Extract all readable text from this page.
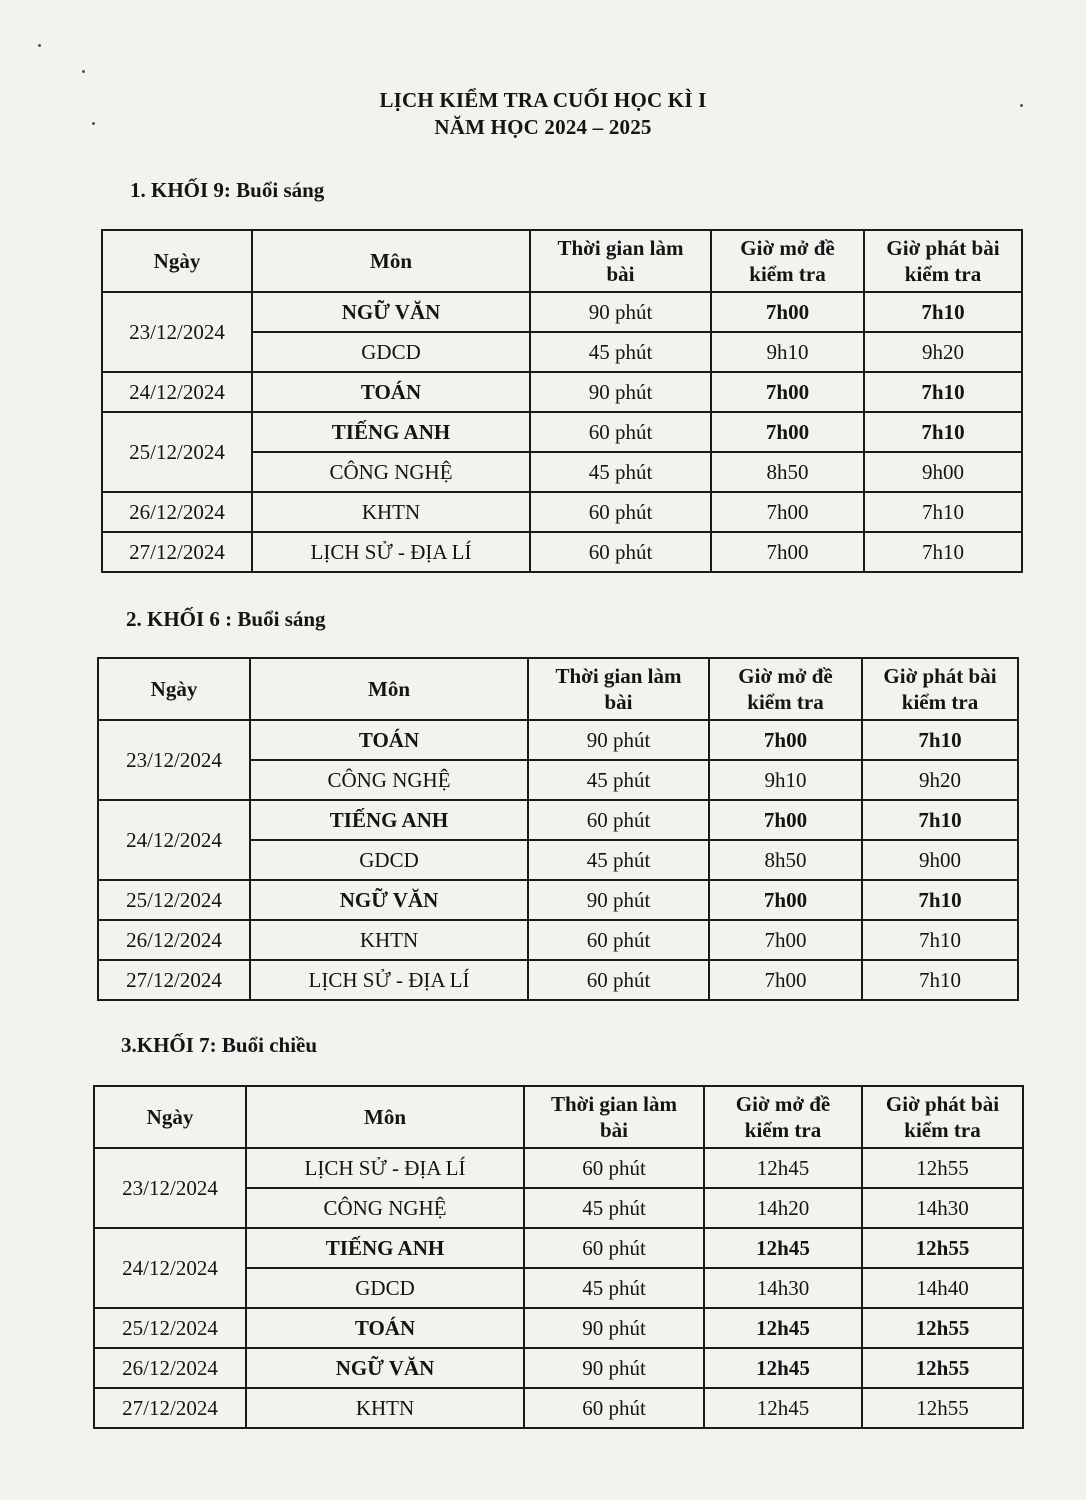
LỊCH KIỂM TRA CUỐI HỌC KÌ I
NĂM HỌC 2024 – 2025
1. KHỐI 9: Buổi sáng
Ngày	Môn	Thời gian làm bài	Giờ mở đề kiểm tra	Giờ phát bài kiểm tra
23/12/2024	NGỮ VĂN	90 phút	7h00	7h10
	GDCD	45 phút	9h10	9h20
24/12/2024	TOÁN	90 phút	7h00	7h10
25/12/2024	TIẾNG ANH	60 phút	7h00	7h10
	CÔNG NGHỆ	45 phút	8h50	9h00
26/12/2024	KHTN	60 phút	7h00	7h10
27/12/2024	LỊCH SỬ - ĐỊA LÍ	60 phút	7h00	7h10
2. KHỐI 6 : Buổi sáng
Ngày	Môn	Thời gian làm bài	Giờ mở đề kiểm tra	Giờ phát bài kiểm tra
23/12/2024	TOÁN	90 phút	7h00	7h10
	CÔNG NGHỆ	45 phút	9h10	9h20
24/12/2024	TIẾNG ANH	60 phút	7h00	7h10
	GDCD	45 phút	8h50	9h00
25/12/2024	NGỮ VĂN	90 phút	7h00	7h10
26/12/2024	KHTN	60 phút	7h00	7h10
27/12/2024	LỊCH SỬ - ĐỊA LÍ	60 phút	7h00	7h10
3.KHỐI 7: Buổi chiều
Ngày	Môn	Thời gian làm bài	Giờ mở đề kiểm tra	Giờ phát bài kiểm tra
23/12/2024	LỊCH SỬ - ĐỊA LÍ	60 phút	12h45	12h55
	CÔNG NGHỆ	45 phút	14h20	14h30
24/12/2024	TIẾNG ANH	60 phút	12h45	12h55
	GDCD	45 phút	14h30	14h40
25/12/2024	TOÁN	90 phút	12h45	12h55
26/12/2024	NGỮ VĂN	90 phút	12h45	12h55
27/12/2024	KHTN	60 phút	12h45	12h55
